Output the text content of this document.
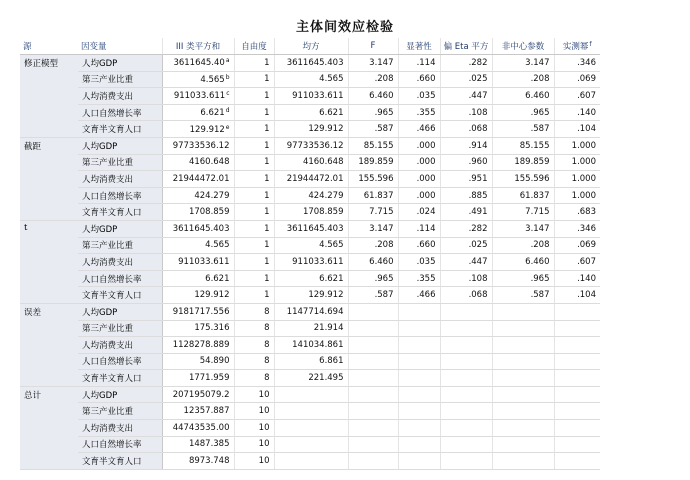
主体间效应检验
源	因变量	III 类平方和	自由度	均方	F	显著性	偏 Eta 平方	非中心参数	实测幂$^f$
修正模型	人均GDP	3611645.40$^a$	1	3611645.403	3.147	.114	.282	3.147	.346
	第三产业比重	4.565$^b$	1	4.565	.208	.660	.025	.208	.069
	人均消费支出	911033.611$^c$	1	911033.611	6.460	.035	.447	6.460	.607
	人口自然增长率	6.621$^d$	1	6.621	.965	.355	.108	.965	.140
	文育半文育人口	129.912e	1	129.912	.587	.466	.068	.587	.104
截距	人均GDP	97733536.12	1	97733536.12	85.155	.000	.914	85.155	1.000
	第三产业比重	4160.648	1	4160.648	189.859	.000	.960	189.859	1.000
	人均消费支出	21944472.01	1	21944472.01	155.596	.000	.951	155.596	1.000
	人口自然增长率	424.279	1	424.279	61.837	.000	.885	61.837	1.000
	文育半文育人口	1708.859	1	1708.859	7.715	.024	.491	7.715	.683
t	人均GDP	3611645.403	1	3611645.403	3.147	.114	.282	3.147	.346
	第三产业比重	4.565	1	4.565	.208	.660	.025	.208	.069
	人均消费支出	911033.611	1	911033.611	6.460	.035	.447	6.460	.607
	人口自然增长率	6.621	1	6.621	.965	.355	.108	.965	.140
	文育半文育人口	129.912	1	129.912	.587	.466	.068	.587	.104
误差	人均GDP	9181717.556	8	1147714.694					
	第三产业比重	175.316	8	21.914					
	人均消费支出	1128278.889	8	141034.861					
	人口自然增长率	54.890	8	6.861					
	文育半文育人口	1771.959	8	221.495					
总计	人均GDP	207195079.2	10						
	第三产业比重	12357.887	10						
	人均消费支出	44743535.00	10						
	人口自然增长率	1487.385	10						
	文育半文育人口	8973.748	10						
